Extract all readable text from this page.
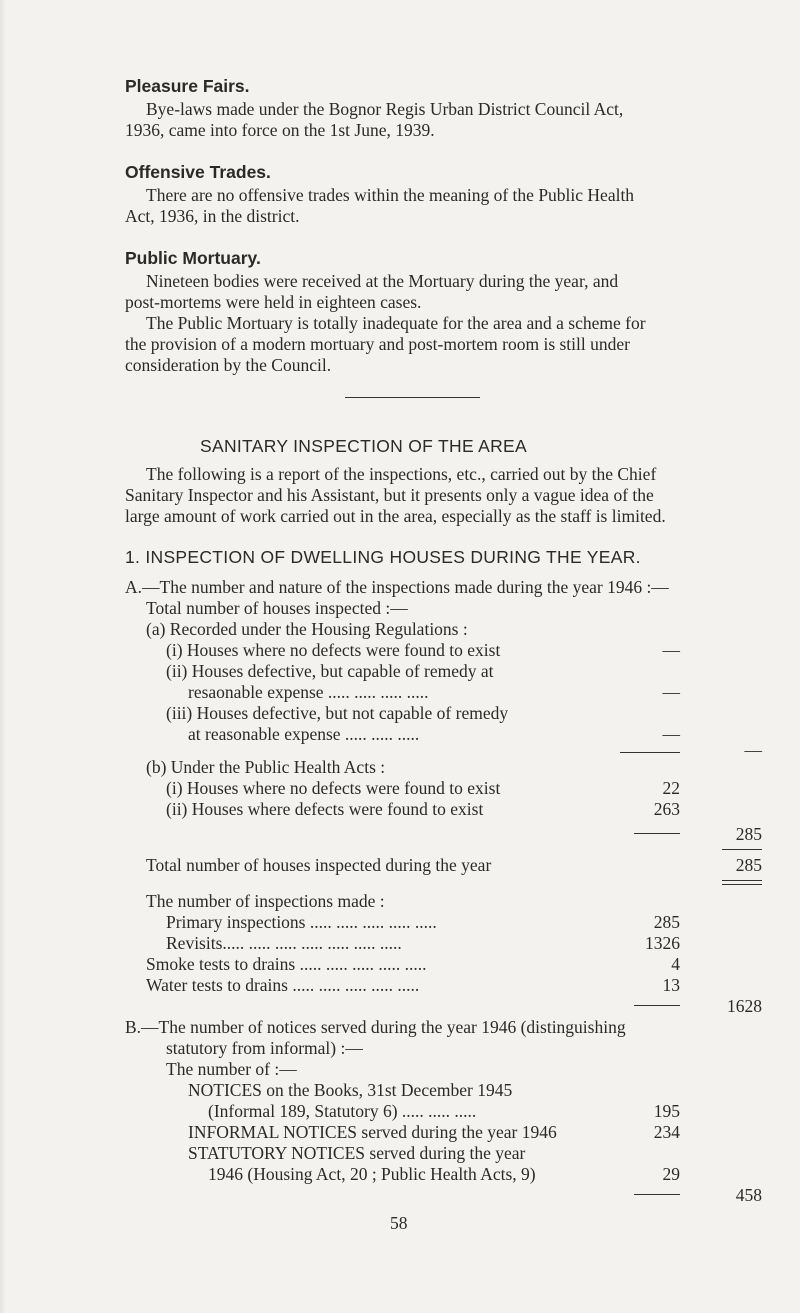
Pleasure Fairs.
Bye-laws made under the Bognor Regis Urban District Council Act,
1936, came into force on the 1st June, 1939.
Offensive Trades.
There are no offensive trades within the meaning of the Public Health
Act, 1936, in the district.
Public Mortuary.
Nineteen bodies were received at the Mortuary during the year, and
post-mortems were held in eighteen cases.
The Public Mortuary is totally inadequate for the area and a scheme for
the provision of a modern mortuary and post-mortem room is still under
consideration by the Council.
SANITARY INSPECTION OF THE AREA
The following is a report of the inspections, etc., carried out by the Chief
Sanitary Inspector and his Assistant, but it presents only a vague idea of the
large amount of work carried out in the area, especially as the staff is limited.
1. INSPECTION OF DWELLING HOUSES DURING THE YEAR.
A.—The number and nature of the inspections made during the year 1946 :—
Total number of houses inspected :—
(a) Recorded under the Housing Regulations :
(i) Houses where no defects were found to exist	—
(ii) Houses defective, but capable of remedy at
resaonable expense ..... ..... ..... .....	—
(iii) Houses defective, but not capable of remedy
at reasonable expense ..... ..... .....	—
—
(b) Under the Public Health Acts :
(i) Houses where no defects were found to exist	22
(ii) Houses where defects were found to exist	263
285
Total number of houses inspected during the year	285
The number of inspections made :
Primary inspections ..... ..... ..... ..... .....	285
Revisits..... ..... ..... ..... ..... ..... .....	1326
Smoke tests to drains ..... ..... ..... ..... .....	4
Water tests to drains ..... ..... ..... ..... .....	13
1628
B.—The number of notices served during the year 1946 (distinguishing
statutory from informal) :—
The number of :—
NOTICES on the Books, 31st December 1945
(Informal 189, Statutory 6) ..... ..... .....	195
INFORMAL NOTICES served during the year 1946	234
STATUTORY NOTICES served during the year
1946 (Housing Act, 20 ; Public Health Acts, 9)	29
458
58
